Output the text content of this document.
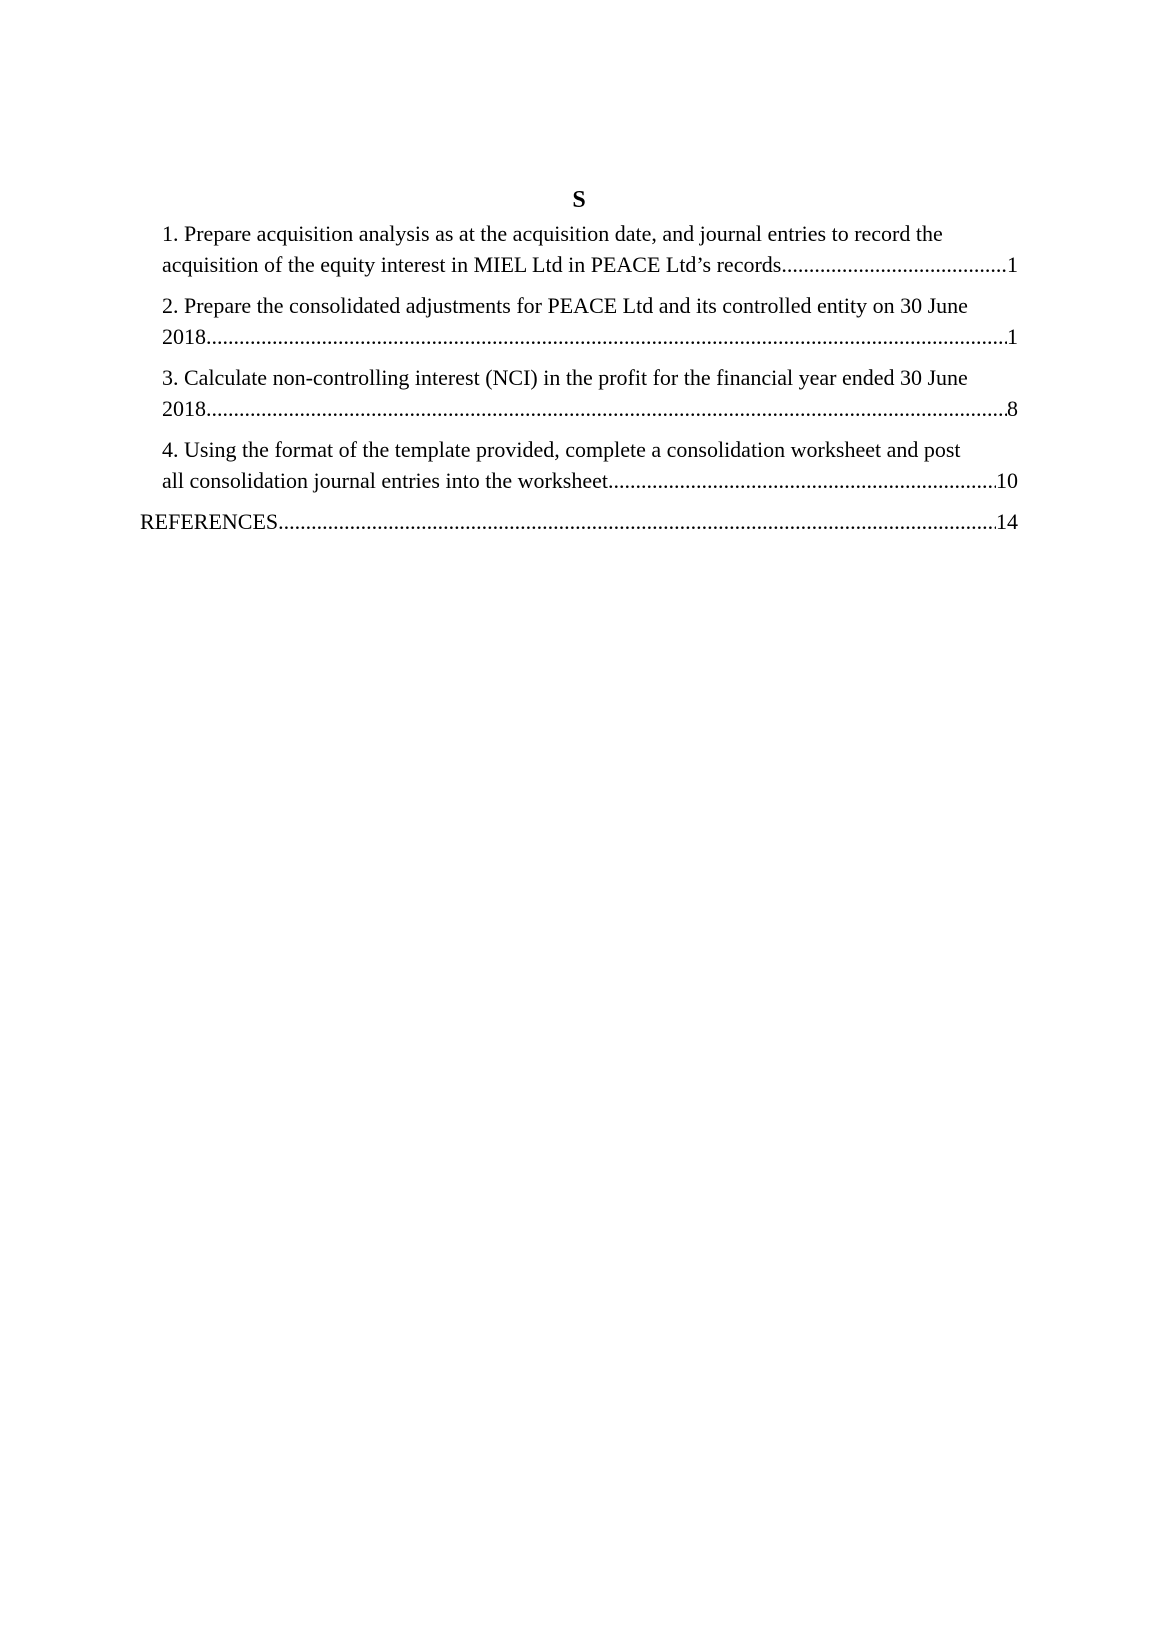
S
1. Prepare acquisition analysis as at the acquisition date, and journal entries to record the
acquisition of the equity interest in MIEL Ltd in PEACE Ltd’s records .....	1
2. Prepare the consolidated adjustments for PEACE Ltd and its controlled entity on 30 June
2018 .....	1
3. Calculate non-controlling interest (NCI) in the profit for the financial year ended 30 June
2018 .....	8
4. Using the format of the template provided, complete a consolidation worksheet and post
all consolidation journal entries into the worksheet .....	10
REFERENCES .....	14
